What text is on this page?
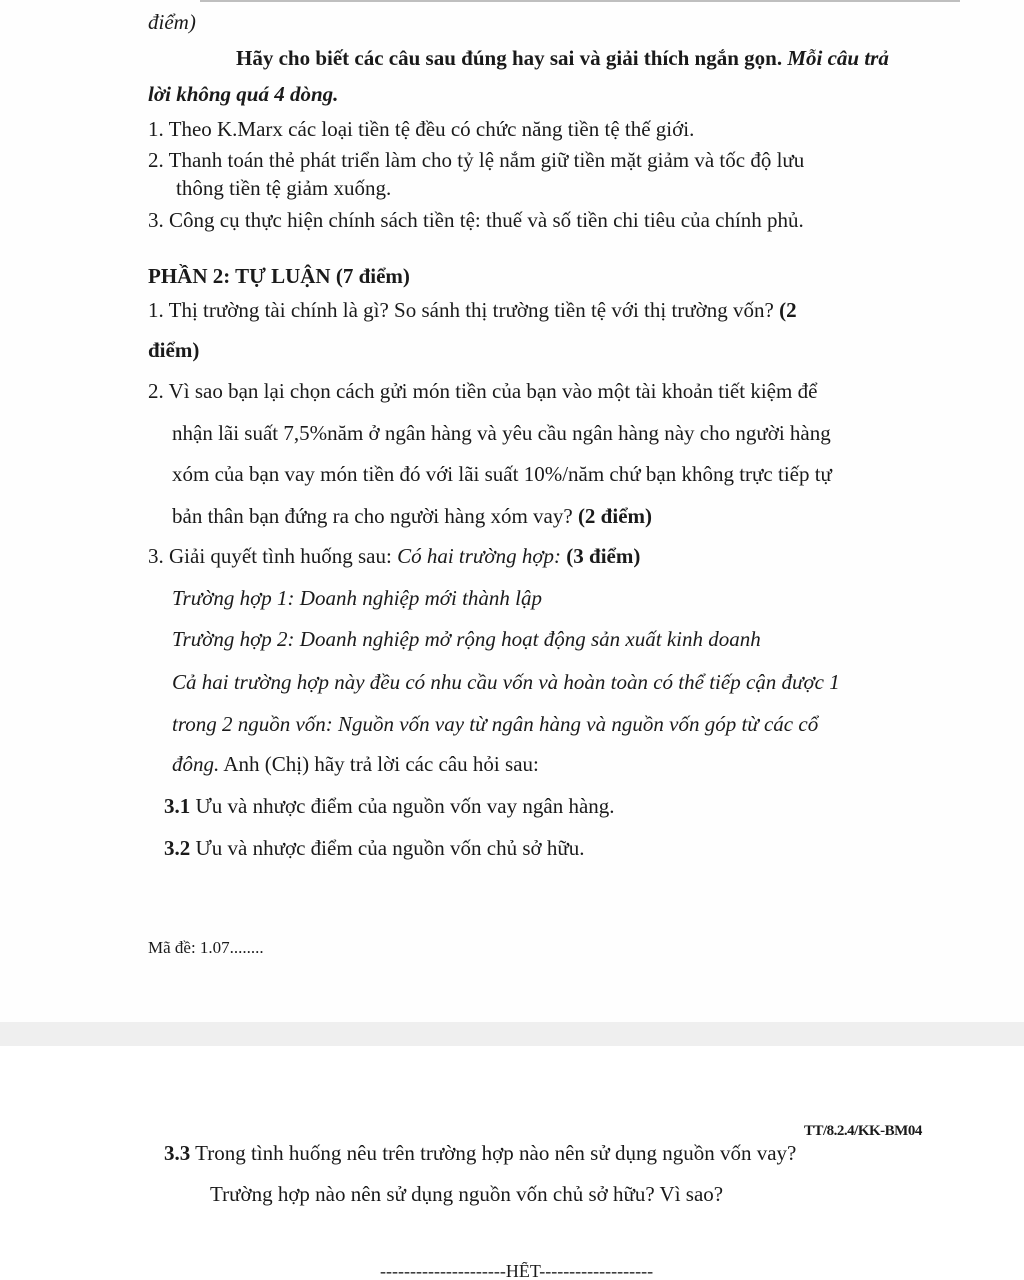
điểm)
Hãy cho biết các câu sau đúng hay sai và giải thích ngắn gọn. Mỗi câu trả
lời không quá 4 dòng.
1. Theo K.Marx các loại tiền tệ đều có chức năng tiền tệ thế giới.
2. Thanh toán thẻ phát triển làm cho tỷ lệ nắm giữ tiền mặt giảm và tốc độ lưu
thông tiền tệ giảm xuống.
3. Công cụ thực hiện chính sách tiền tệ: thuế và số tiền chi tiêu của chính phủ.
PHẦN 2: TỰ LUẬN (7 điểm)
1. Thị trường tài chính là gì? So sánh thị trường tiền tệ với thị trường vốn? (2
điểm)
2. Vì sao bạn lại chọn cách gửi món tiền của bạn vào một tài khoản tiết kiệm để
nhận lãi suất 7,5%năm ở ngân hàng và yêu cầu ngân hàng này cho người hàng
xóm của bạn vay món tiền đó với lãi suất 10%/năm chứ bạn không trực tiếp tự
bản thân bạn đứng ra cho người hàng xóm vay? (2 điểm)
3. Giải quyết tình huống sau: Có hai trường hợp: (3 điểm)
Trường hợp 1: Doanh nghiệp mới thành lập
Trường hợp 2: Doanh nghiệp mở rộng hoạt động sản xuất kinh doanh
Cả hai trường hợp này đều có nhu cầu vốn và hoàn toàn có thể tiếp cận được 1
trong 2 nguồn vốn: Nguồn vốn vay từ ngân hàng và nguồn vốn góp từ các cổ
đông. Anh (Chị) hãy trả lời các câu hỏi sau:
3.1 Ưu và nhược điểm của nguồn vốn vay ngân hàng.
3.2 Ưu và nhược điểm của nguồn vốn chủ sở hữu.
Mã đề: 1.07........
TT/8.2.4/KK-BM04
3.3 Trong tình huống nêu trên trường hợp nào nên sử dụng nguồn vốn vay?
Trường hợp nào nên sử dụng nguồn vốn chủ sở hữu? Vì sao?
---------------------HẾT-------------------
